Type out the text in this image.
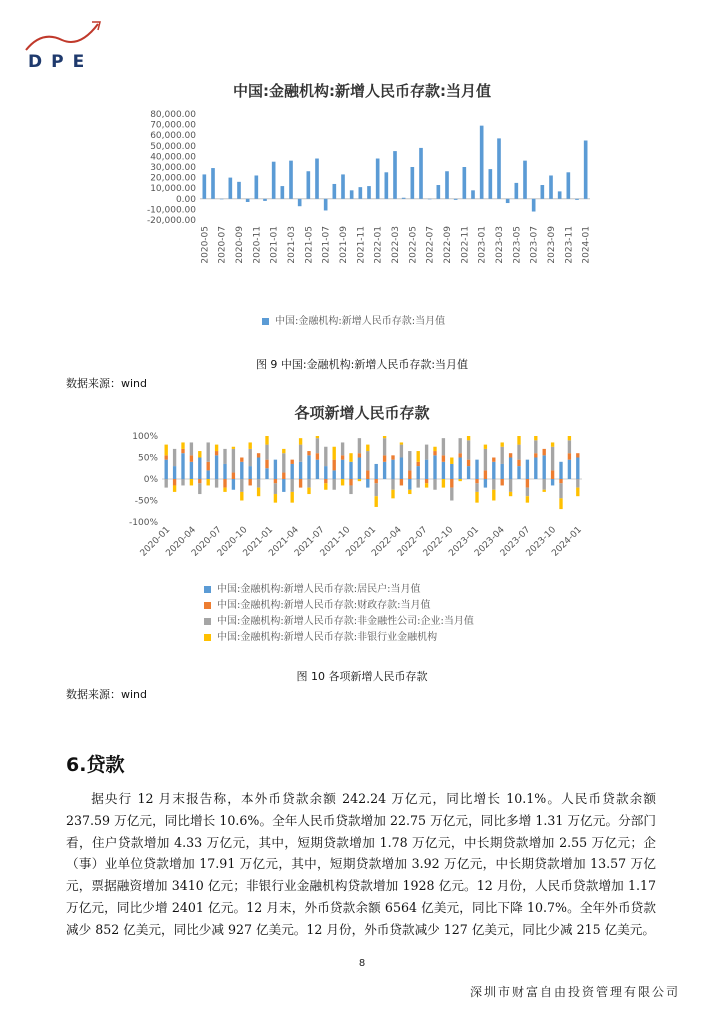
DPE
中国:金融机构:新增人民币存款:当月值
80,000.00
70,000.00
60,000.00
50,000.00
40,000.00
30,000.00
20,000.00
10,000.00
0.00
-10,000.00
-20,000.00
2020-05 2020-07 2020-09 2020-11 2021-01 2021-03 2021-05 2021-07 2021-09 2021-11 2022-01 2022-03 2022-05 2022-07 2022-09 2022-11 2023-01 2023-03 2023-05 2023-07 2023-09 2023-11 2024-01
中国:金融机构:新增人民币存款:当月值
图 9 中国:金融机构:新增人民币存款:当月值
数据来源：wind
各项新增人民币存款
100%
50%
0%
-50%
-100%
2020-01
2020-04
2020-07
2020-10
2021-01
2021-04
2021-07
2021-10
2022-01
2022-04
2022-07
2022-10
2023-01
2023-04
2023-07
2023-10
2024-01
中国:金融机构:新增人民币存款:居民户:当月值
中国:金融机构:新增人民币存款:财政存款:当月值
中国:金融机构:新增人民币存款:非金融性公司:企业:当月值
中国:金融机构:新增人民币存款:非银行业金融机构
图 10 各项新增人民币存款
数据来源：wind
6.贷款
据央行 12 月末报告称，本外币贷款余额 242.24 万亿元，同比增长 10.1%。人民币贷款余额 237.59 万亿元，同比增长 10.6%。全年人民币贷款增加 22.75 万亿元，同比多增 1.31 万亿元。分部门看，住户贷款增加 4.33 万亿元，其中，短期贷款增加 1.78 万亿元，中长期贷款增加 2.55 万亿元；企（事）业单位贷款增加 17.91 万亿元，其中，短期贷款增加 3.92 万亿元，中长期贷款增加 13.57 万亿元，票据融资增加 3410 亿元；非银行业金融机构贷款增加 1928 亿元。12 月份，人民币贷款增加 1.17 万亿元，同比少增 2401 亿元。12 月末，外币贷款余额 6564 亿美元，同比下降 10.7%。全年外币贷款减少 852 亿美元，同比少减 927 亿美元。12 月份，外币贷款减少 127 亿美元，同比少减 215 亿美元。
8
深圳市财富自由投资管理有限公司
